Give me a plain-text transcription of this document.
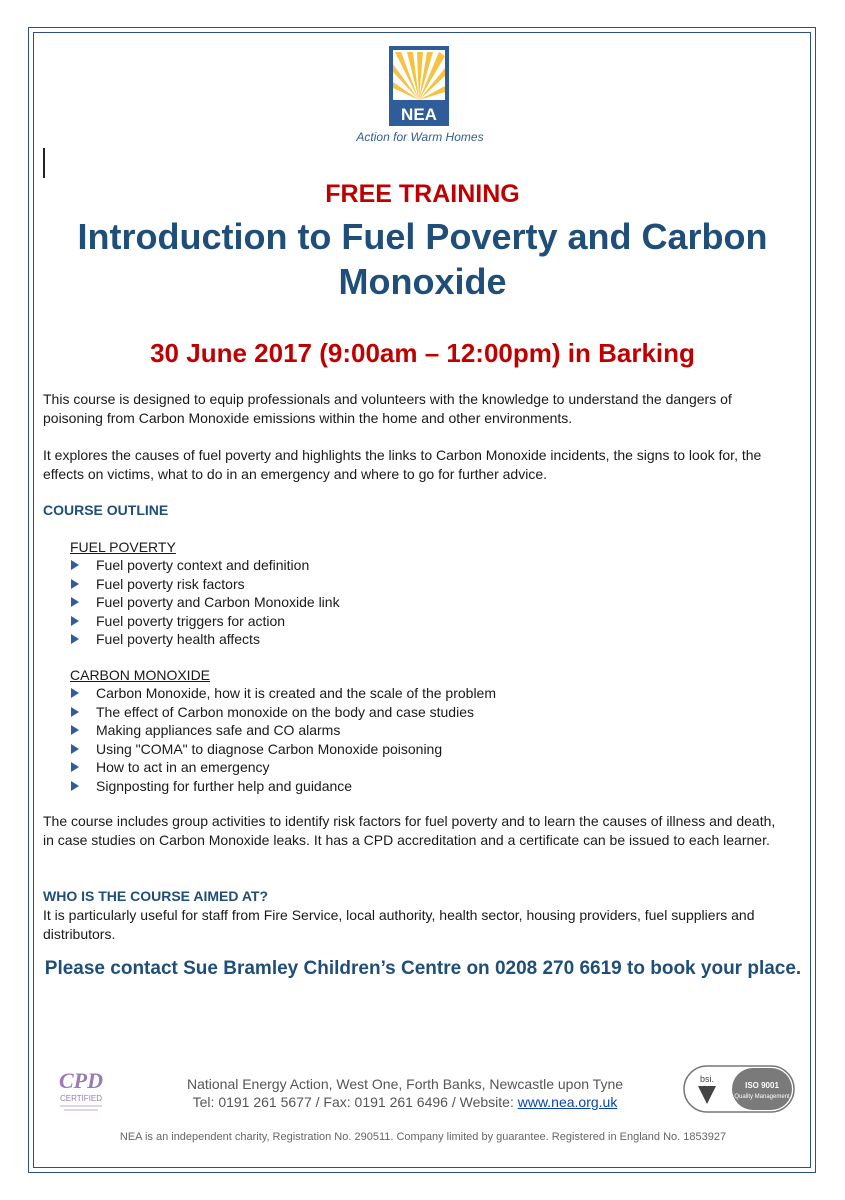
NEA
Action for Warm Homes
FREE TRAINING
Introduction to Fuel Poverty and Carbon Monoxide
30 June 2017 (9:00am – 12:00pm) in Barking
This course is designed to equip professionals and volunteers with the knowledge to understand the dangers of poisoning from Carbon Monoxide emissions within the home and other environments.
It explores the causes of fuel poverty and highlights the links to Carbon Monoxide incidents, the signs to look for, the effects on victims, what to do in an emergency and where to go for further advice.
COURSE OUTLINE
FUEL POVERTY
Fuel poverty context and definition
Fuel poverty risk factors
Fuel poverty and Carbon Monoxide link
Fuel poverty triggers for action
Fuel poverty health affects
CARBON MONOXIDE
Carbon Monoxide, how it is created and the scale of the problem
The effect of Carbon monoxide on the body and case studies
Making appliances safe and CO alarms
Using "COMA" to diagnose Carbon Monoxide poisoning
How to act in an emergency
Signposting for further help and guidance
The course includes group activities to identify risk factors for fuel poverty and to learn the causes of illness and death, in case studies on Carbon Monoxide leaks. It has a CPD accreditation and a certificate can be issued to each learner.
WHO IS THE COURSE AIMED AT?
It is particularly useful for staff from Fire Service, local authority, health sector, housing providers, fuel suppliers and distributors.
Please contact Sue Bramley Children’s Centre on 0208 270 6619 to book your place.
CPD
CERTIFIED
National Energy Action, West One, Forth Banks, Newcastle upon Tyne
Tel: 0191 261 5677 / Fax: 0191 261 6496 / Website: www.nea.org.uk
bsi.
ISO 9001
Quality Management
NEA is an independent charity, Registration No. 290511. Company limited by guarantee. Registered in England No. 1853927
